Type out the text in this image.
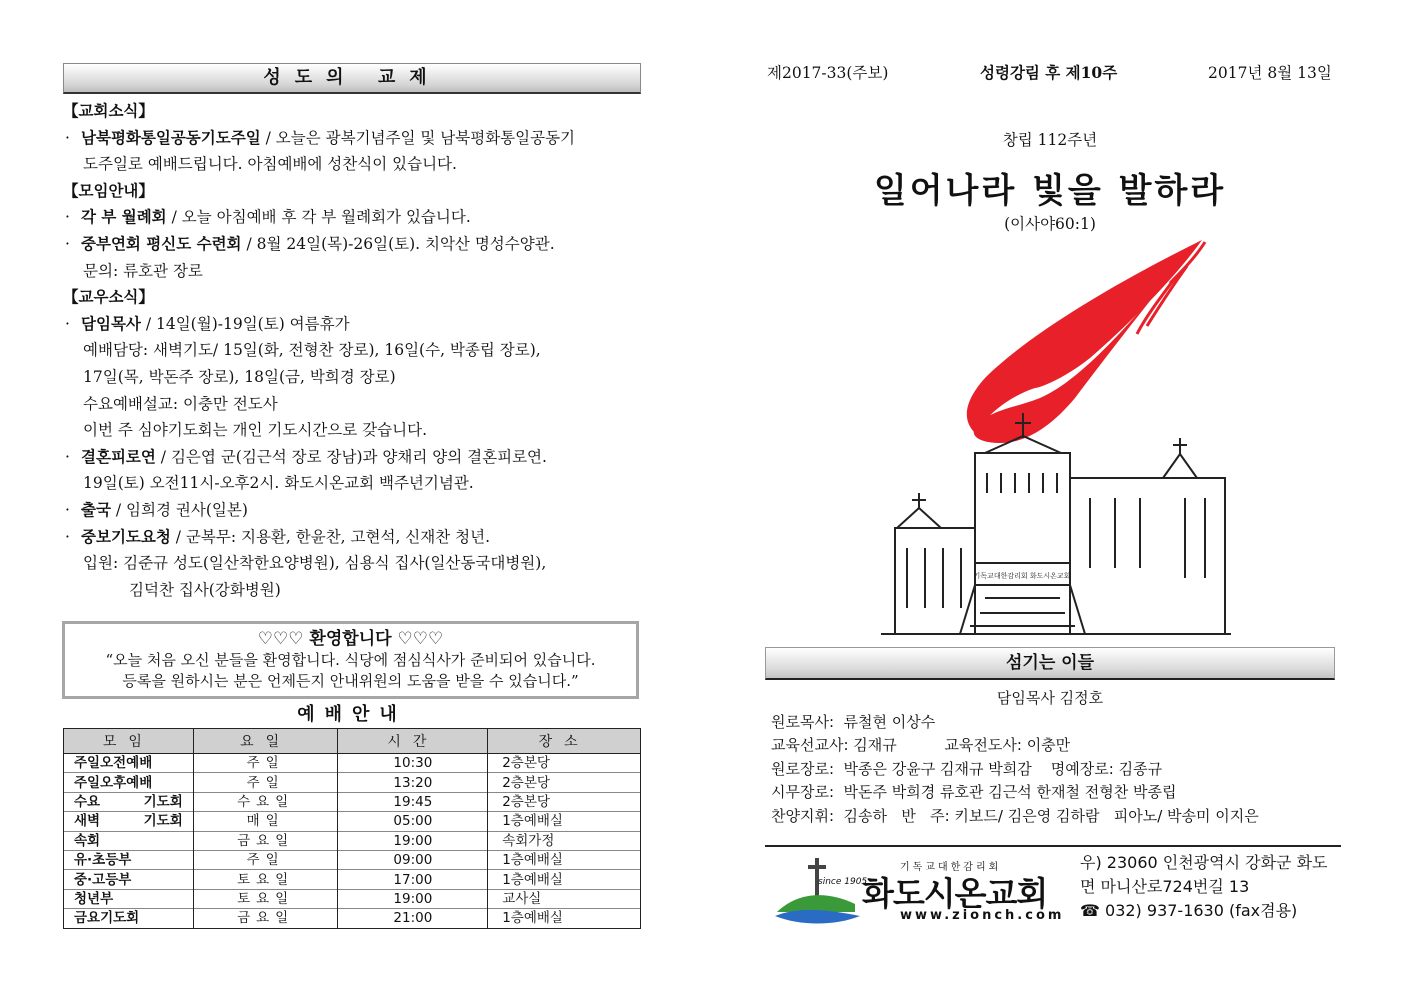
성도의 교제
【교회소식】
· 남북평화통일공동기도주일 / 오늘은 광복기념주일 및 남북평화통일공동기
도주일로 예배드립니다. 아침예배에 성찬식이 있습니다.
【모임안내】
· 각 부 월례회 / 오늘 아침예배 후 각 부 월례회가 있습니다.
· 중부연회 평신도 수련회 / 8월 24일(목)-26일(토). 치악산 명성수양관.
문의: 류호관 장로
【교우소식】
· 담임목사 / 14일(월)-19일(토) 여름휴가
예배담당: 새벽기도/ 15일(화, 전형찬 장로), 16일(수, 박종립 장로),
17일(목, 박돈주 장로), 18일(금, 박희경 장로)
수요예배설교: 이충만 전도사
이번 주 심야기도회는 개인 기도시간으로 갖습니다.
· 결혼피로연 / 김은엽 군(김근석 장로 장남)과 양채리 양의 결혼피로연.
19일(토) 오전11시-오후2시. 화도시온교회 백주년기념관.
· 출국 / 임희경 권사(일본)
· 중보기도요청 / 군복무: 지용환, 한윤찬, 고현석, 신재찬 청년.
입원: 김준규 성도(일산착한요양병원), 심용식 집사(일산동국대병원),
김덕찬 집사(강화병원)
♡♡♡ 환영합니다 ♡♡♡
“오늘 처음 오신 분들을 환영합니다. 식당에 점심식사가 준비되어 있습니다.
등록을 원하시는 분은 언제든지 안내위원의 도움을 받을 수 있습니다.”
예배안내
모임	요일	시간	장소
주일오전예배	주일	10:30	2층본당
주일오후예배	주일	13:20	2층본당
수요 기도회	수요일	19:45	2층본당
새벽 기도회	매일	05:00	1층예배실
속회	금요일	19:00	속회가정
유·초등부	주일	09:00	1층예배실
중·고등부	토요일	17:00	1층예배실
청년부	토요일	19:00	교사실
금요기도회	금요일	21:00	1층예배실
제2017-33(주보)	성령강림 후 제10주	2017년 8월 13일
창립 112주년
일어나라 빛을 발하라
(이사야60:1)
기독교대한감리회 화도시온교회
섬기는 이들
담임목사 김정호
원로목사:  류철현 이상수
교육선교사: 김재규          교육전도사: 이충만
원로장로:  박종은 강윤구 김재규 박희감    명예장로: 김종규
시무장로:  박돈주 박희경 류호관 김근석 한재철 전형찬 박종립
찬양지휘:  김송하   반   주: 키보드/ 김은영 김하람   피아노/ 박송미 이지은
기독교대한감리회
since 1905
화도시온교회
www.zionch.com
우) 23060 인천광역시 강화군 화도
면 마니산로724번길 13
☎ 032) 937-1630 (fax겸용)
